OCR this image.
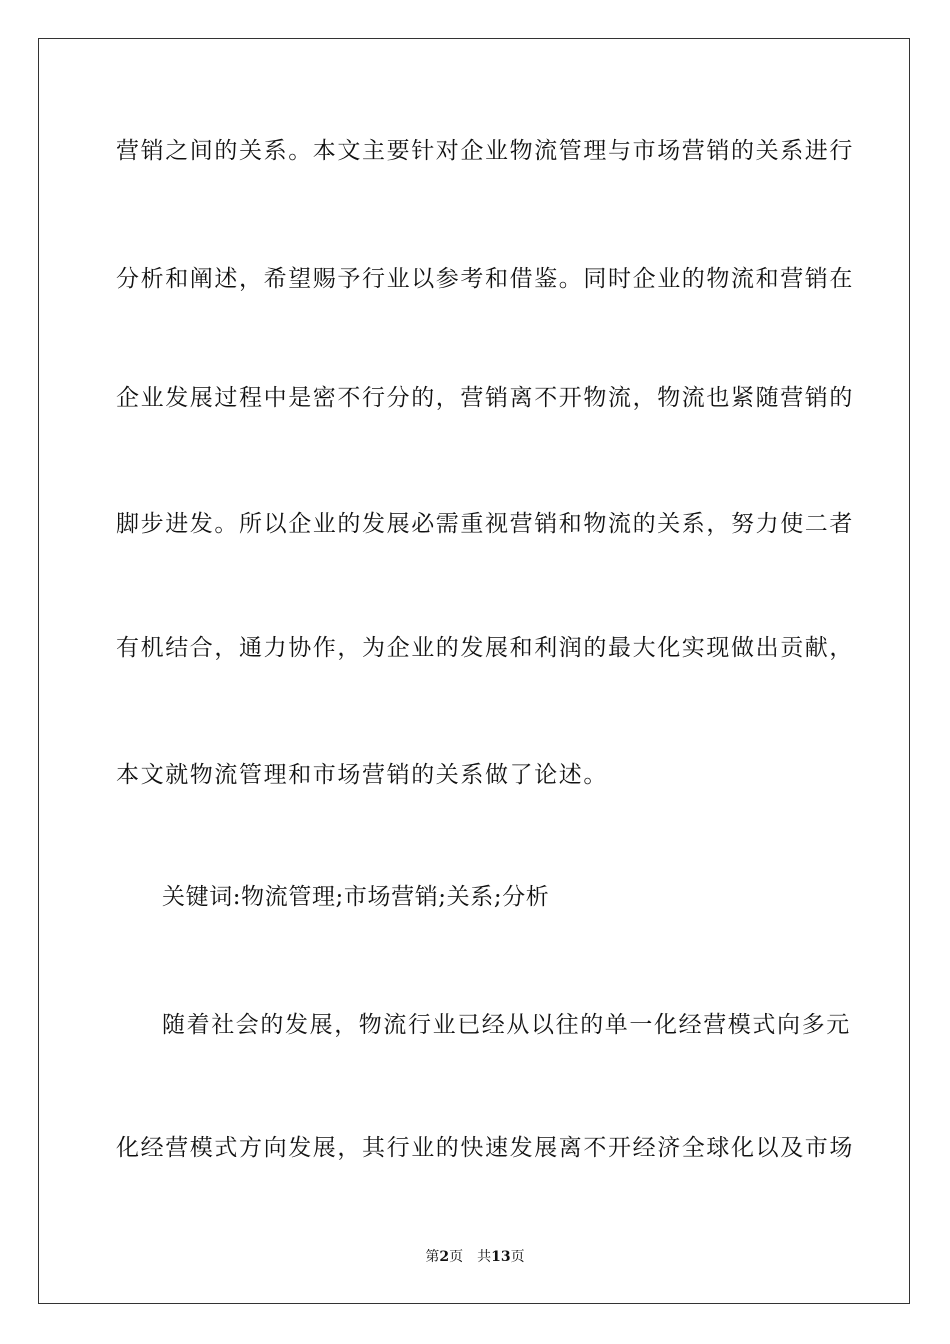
营销之间的关系。本文主要针对企业物流管理与市场营销的关系进行
分析和阐述，希望赐予行业以参考和借鉴。同时企业的物流和营销在
企业发展过程中是密不行分的，营销离不开物流，物流也紧随营销的
脚步进发。所以企业的发展必需重视营销和物流的关系，努力使二者
有机结合，通力协作，为企业的发展和利润的最大化实现做出贡献，
本文就物流管理和市场营销的关系做了论述。
关键词:物流管理;市场营销;关系;分析
随着社会的发展，物流行业已经从以往的单一化经营模式向多元
化经营模式方向发展，其行业的快速发展离不开经济全球化以及市场
第2页 共13页
